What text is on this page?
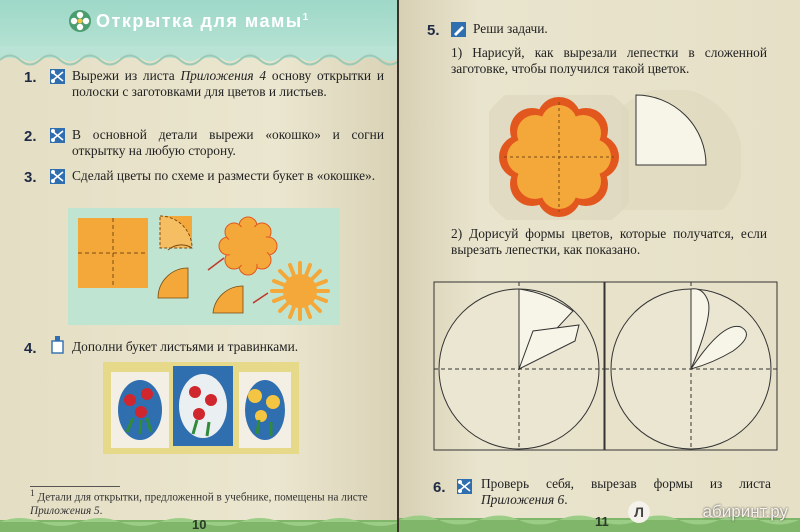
Открытка для мамы$^1$
1.	Вырежи из листа Приложения 4 основу открытки и полоски с заготовками для цветов и листьев.
2.	В основной детали вырежи «окошко» и согни открытку на любую сторону.
3.	Сделай цветы по схеме и размести букет в «окошке».
4.	Дополни букет листьями и травинками.
$^1$ Детали для открытки, предложенной в учебнике, помещены на листе Приложения 5.
10
5. Реши задачи.
1) Нарисуй, как вырезали лепестки в сложенной заготовке, чтобы получился такой цветок.
2) Дорисуй формы цветов, которые получатся, если вырезать лепестки, как показано.
6.	Проверь себя, вырезав формы из листа Приложения 6.
11
Л	абиринт.ру
